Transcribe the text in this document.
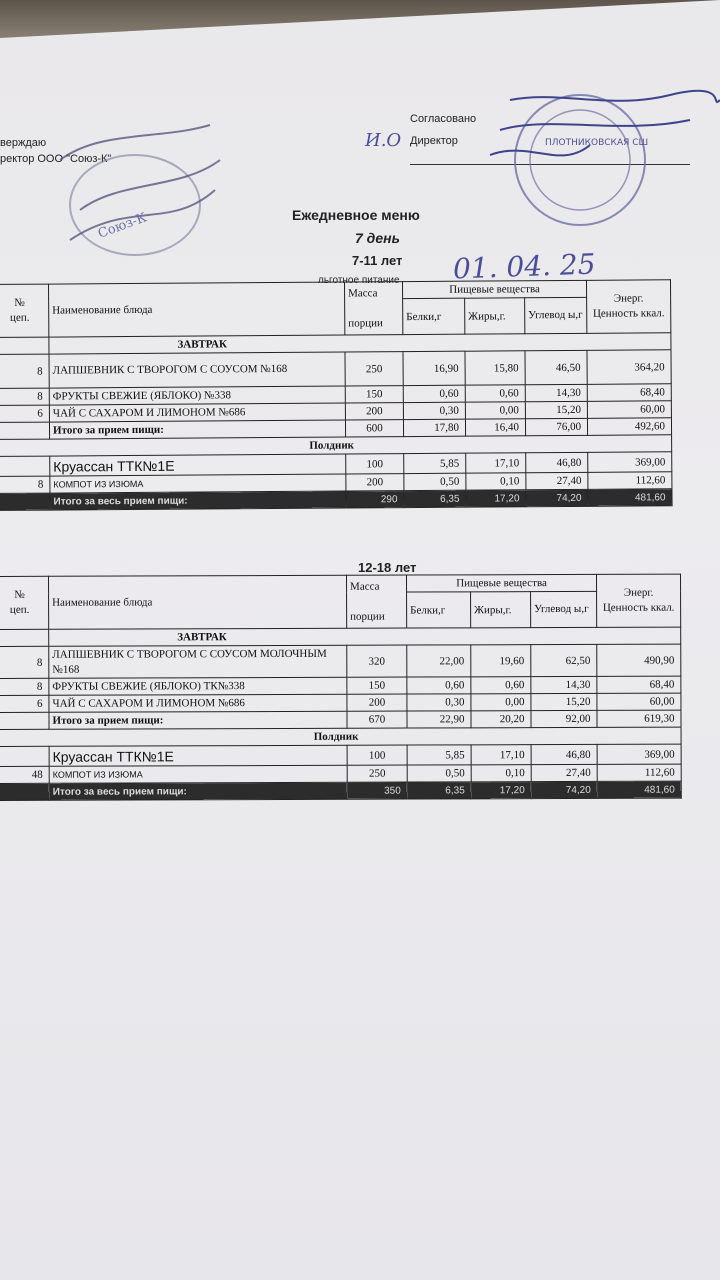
верждаю
ректор ООО "Союз-К"
Союз-К
Согласовано
Директор
И.О	ПЛОТНИКОВСКАЯ СШ
Ежедневное меню
7 день
7-11 лет
льготное питание 01. 04. 25
№
цеп.	Наименование блюда	Масса

порции	Пищевые вещества			Энерг.
Ценность ккал.
			Белки,г	Жиры,г.	Углевод ы,г	
	ЗАВТРАК					
8	ЛАПШЕВНИК С ТВОРОГОМ С СОУСОМ №168	250	16,90	15,80	46,50	364,20
8	ФРУКТЫ СВЕЖИЕ (ЯБЛОКО) №338	150	0,60	0,60	14,30	68,40
6	ЧАЙ С САХАРОМ И ЛИМОНОМ №686	200	0,30	0,00	15,20	60,00
	Итого за прием пищи:	600	17,80	16,40	76,00	492,60
Полдник						
	Круассан ТТК№1Е	100	5,85	17,10	46,80	369,00
8	КОМПОТ ИЗ ИЗЮМА	200	0,50	0,10	27,40	112,60
	Итого за весь прием пищи:	290	6,35	17,20	74,20	481,60
12-18 лет
№
цеп.	Наименование блюда	Масса

порции	Пищевые вещества			Энерг.
Ценность ккал.
			Белки,г	Жиры,г.	Углевод ы,г	
	ЗАВТРАК					
8	ЛАПШЕВНИК С ТВОРОГОМ С СОУСОМ МОЛОЧНЫМ №168	320	22,00	19,60	62,50	490,90
8	ФРУКТЫ СВЕЖИЕ (ЯБЛОКО) ТК№338	150	0,60	0,60	14,30	68,40
6	ЧАЙ С САХАРОМ И ЛИМОНОМ №686	200	0,30	0,00	15,20	60,00
	Итого за прием пищи:	670	22,90	20,20	92,00	619,30
Полдник						
	Круассан ТТК№1Е	100	5,85	17,10	46,80	369,00
48	КОМПОТ ИЗ ИЗЮМА	250	0,50	0,10	27,40	112,60
	Итого за весь прием пищи:	350	6,35	17,20	74,20	481,60
